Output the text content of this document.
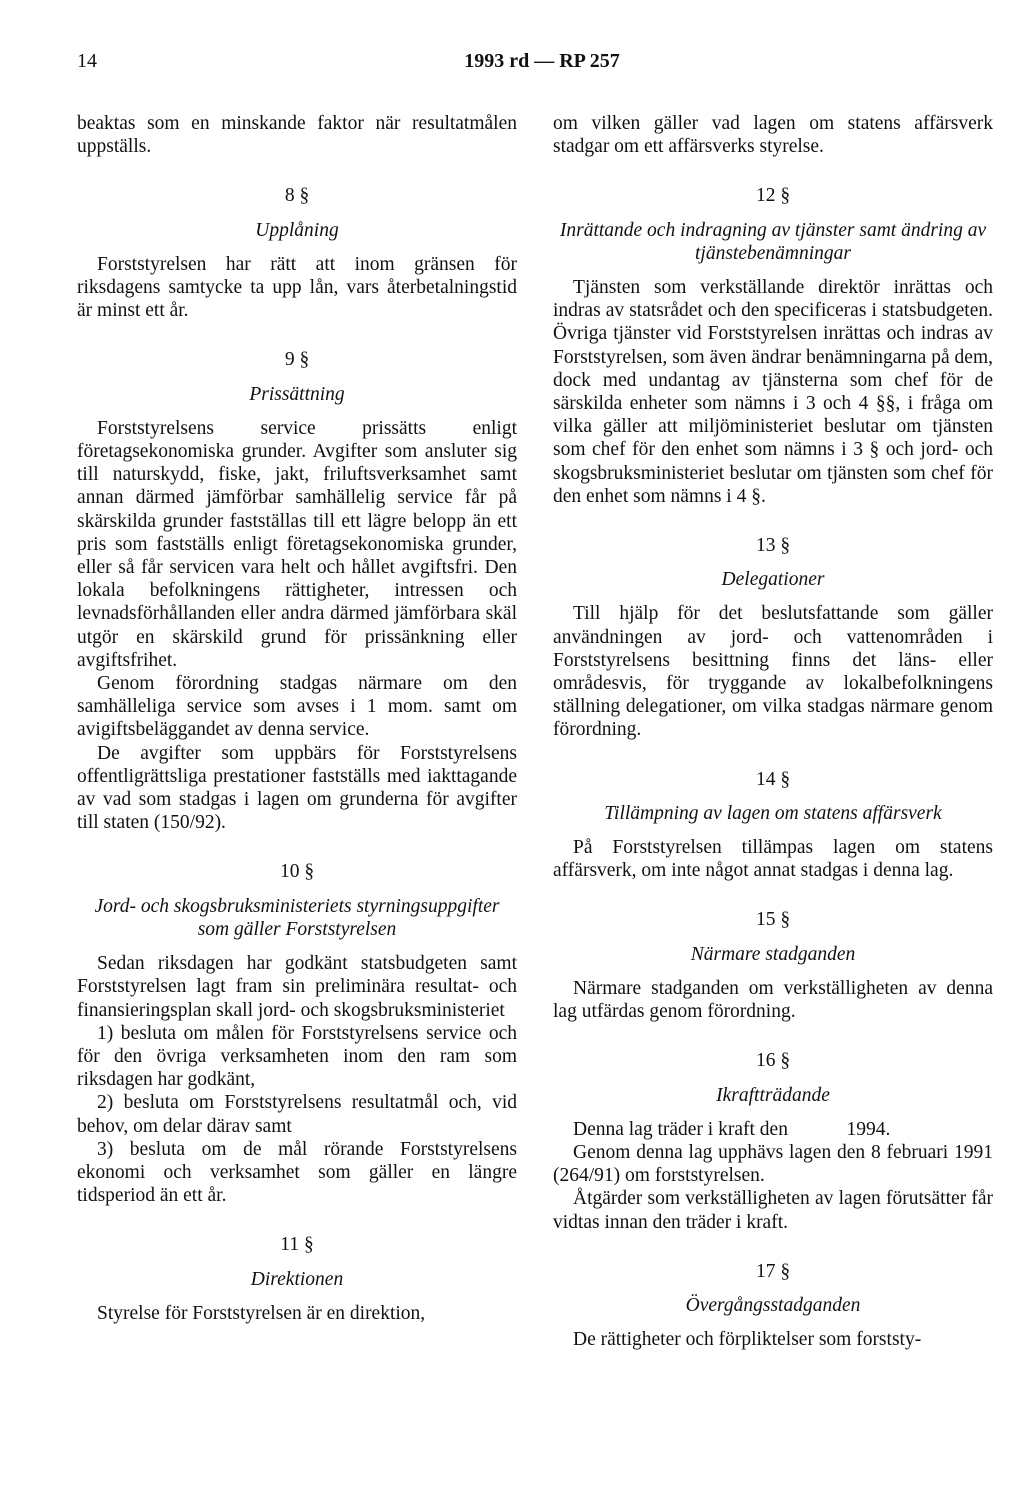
14	1993 rd — RP 257

beaktas som en minskande faktor när resultatmålen uppställs.

8 §
Upplåning

Forststyrelsen har rätt att inom gränsen för riksdagens samtycke ta upp lån, vars återbetalningstid är minst ett år.

9 §
Prissättning

Forststyrelsens service prissätts enligt företagsekonomiska grunder. Avgifter som ansluter sig till naturskydd, fiske, jakt, friluftsverksamhet samt annan därmed jämförbar samhällelig service får på skärskilda grunder fastställas till ett lägre belopp än ett pris som fastställs enligt företagsekonomiska grunder, eller så får servicen vara helt och hållet avgiftsfri. Den lokala befolkningens rättigheter, intressen och levnadsförhållanden eller andra därmed jämförbara skäl utgör en skärskild grund för prissänkning eller avgiftsfrihet.

Genom förordning stadgas närmare om den samhälleliga service som avses i 1 mom. samt om avigiftsbeläggandet av denna service.

De avgifter som uppbärs för Forststyrelsens offentligrättsliga prestationer fastställs med iakttagande av vad som stadgas i lagen om grunderna för avgifter till staten (150/92).

10 §
Jord- och skogsbruksministeriets styrningsuppgifter som gäller Forststyrelsen

Sedan riksdagen har godkänt statsbudgeten samt Forststyrelsen lagt fram sin preliminära resultat- och finansieringsplan skall jord- och skogsbruksministeriet

1) besluta om målen för Forststyrelsens service och för den övriga verksamheten inom den ram som riksdagen har godkänt,

2) besluta om Forststyrelsens resultatmål och, vid behov, om delar därav samt

3) besluta om de mål rörande Forststyrelsens ekonomi och verksamhet som gäller en längre tidsperiod än ett år.

11 §
Direktionen

Styrelse för Forststyrelsen är en direktion,

om vilken gäller vad lagen om statens affärsverk stadgar om ett affärsverks styrelse.

12 §
Inrättande och indragning av tjänster samt ändring av tjänstebenämningar

Tjänsten som verkställande direktör inrättas och indras av statsrådet och den specificeras i statsbudgeten. Övriga tjänster vid Forststyrelsen inrättas och indras av Forststyrelsen, som även ändrar benämningarna på dem, dock med undantag av tjänsterna som chef för de särskilda enheter som nämns i 3 och 4 §§, i fråga om vilka gäller att miljöministeriet beslutar om tjänsten som chef för den enhet som nämns i 3 § och jord- och skogsbruksministeriet beslutar om tjänsten som chef för den enhet som nämns i 4 §.

13 §
Delegationer

Till hjälp för det beslutsfattande som gäller användningen av jord- och vattenområden i Forststyrelsens besittning finns det läns- eller områdesvis, för tryggande av lokalbefolkningens ställning delegationer, om vilka stadgas närmare genom förordning.

14 §
Tillämpning av lagen om statens affärsverk

På Forststyrelsen tillämpas lagen om statens affärsverk, om inte något annat stadgas i denna lag.

15 §
Närmare stadganden

Närmare stadganden om verkställigheten av denna lag utfärdas genom förordning.

16 §
Ikraftträdande

Denna lag träder i kraft den            1994.

Genom denna lag upphävs lagen den 8 februari 1991 (264/91) om forststyrelsen.

Åtgärder som verkställigheten av lagen förutsätter får vidtas innan den träder i kraft.

17 §
Övergångsstadganden

De rättigheter och förpliktelser som forststy-
